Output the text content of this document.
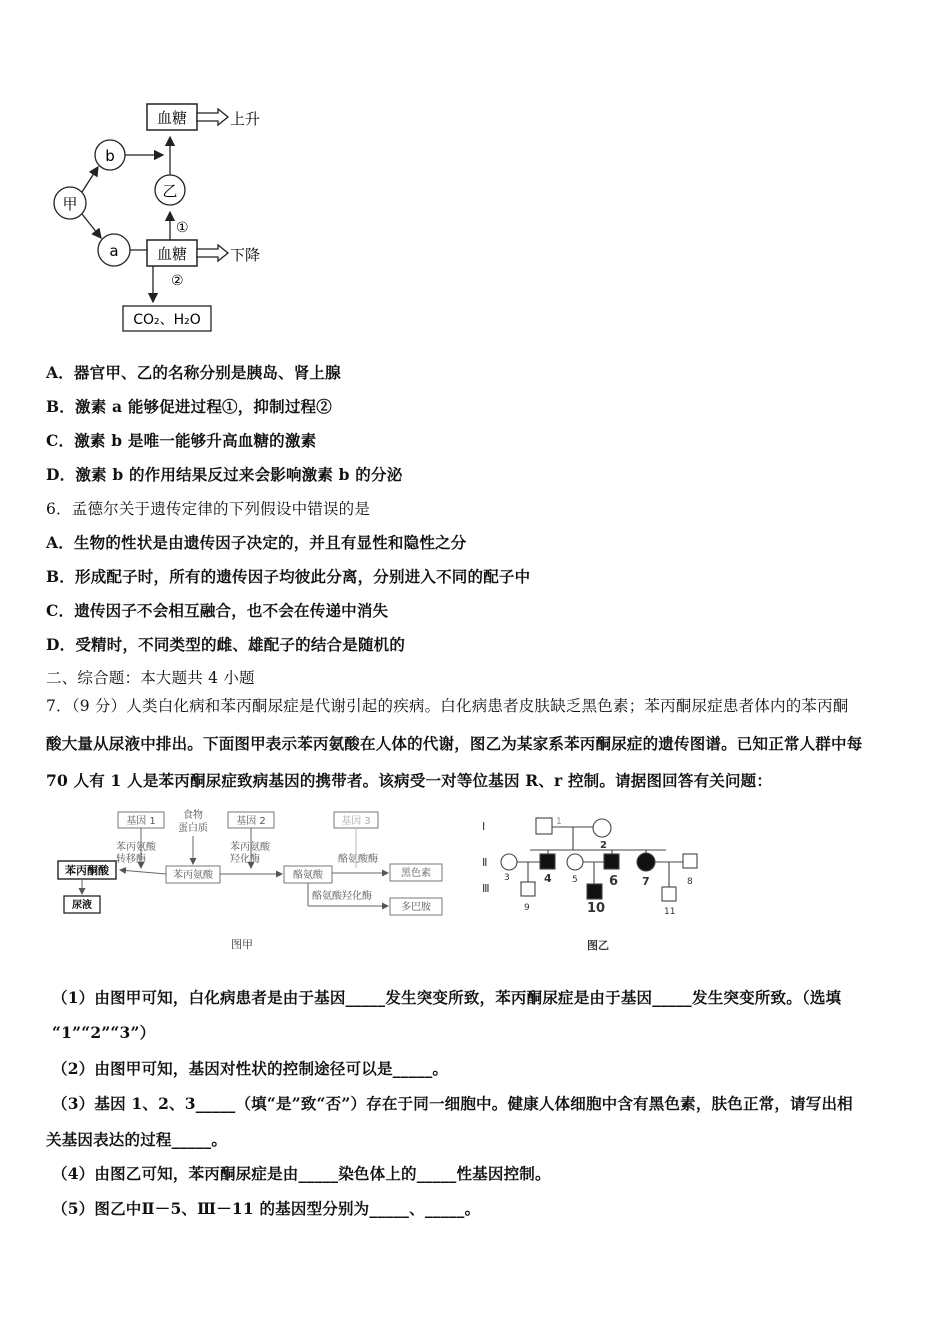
血糖	上升
b
乙
甲
a	血糖	下降
①
②
CO₂、H₂O
A．器官甲、乙的名称分别是胰岛、肾上腺
B．激素 a 能够促进过程①，抑制过程②
C．激素 b 是唯一能够升高血糖的激素
D．激素 b 的作用结果反过来会影响激素 b 的分泌
6．孟德尔关于遗传定律的下列假设中错误的是
A．生物的性状是由遗传因子决定的，并且有显性和隐性之分
B．形成配子时，所有的遗传因子均彼此分离，分别进入不同的配子中
C．遗传因子不会相互融合，也不会在传递中消失
D．受精时，不同类型的雌、雄配子的结合是随机的
二、综合题：本大题共 4 小题
7．（9 分）人类白化病和苯丙酮尿症是代谢引起的疾病。白化病患者皮肤缺乏黑色素；苯丙酮尿症患者体内的苯丙酮
酸大量从尿液中排出。下面图甲表示苯丙氨酸在人体的代谢，图乙为某家系苯丙酮尿症的遗传图谱。已知正常人群中每
70 人有 1 人是苯丙酮尿症致病基因的携带者。该病受一对等位基因 R、r 控制。请据图回答有关问题：
基因 1
食物
蛋白质
基因 2	基因 3
苯丙氨酸
转移酶
苯丙氨酸
羟化酶	酪氨酸酶
苯丙酮酸	苯丙氨酸	酪氨酸	黑色素
尿液
酪氨酸羟化酶
多巴胺
图甲
Ⅰ
Ⅱ
Ⅲ
1
2
3	4 5 6 7	8
9	10	11
图乙
（1）由图甲可知，白化病患者是由于基因_____发生突变所致，苯丙酮尿症是由于基因_____发生突变所致。（选填
“1”“2”“3”）
（2）由图甲可知，基因对性状的控制途径可以是_____。
（3）基因 1、2、3_____（填“是”致“否”）存在于同一细胞中。健康人体细胞中含有黑色素，肤色正常，请写出相
关基因表达的过程_____。
（4）由图乙可知，苯丙酮尿症是由_____染色体上的_____性基因控制。
（5）图乙中Ⅱ－5、Ⅲ－11 的基因型分别为_____、_____。
